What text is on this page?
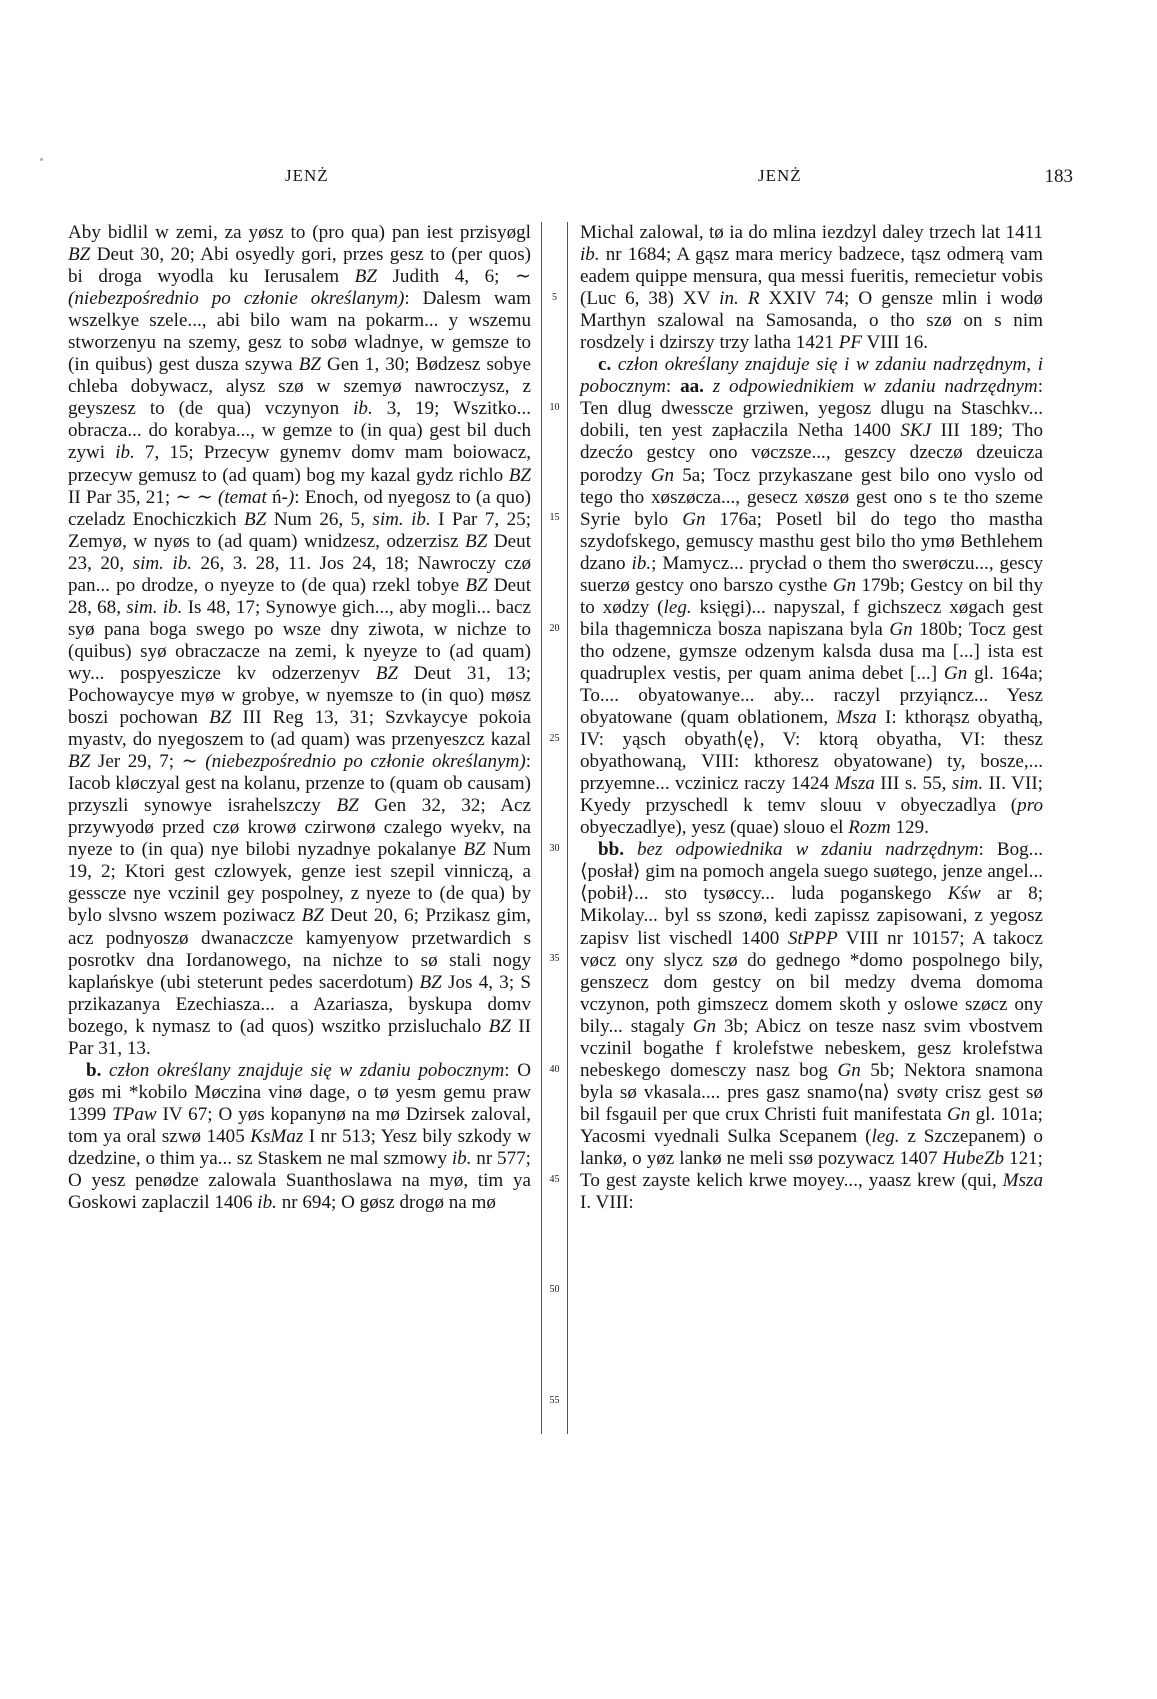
JENŻ	JENŻ	183
5
10
15
20
25
30
35
40
45
50
55

Aby bidlil w zemi, za yøsz to (pro qua) pan iest przisyøgl BZ Deut 30, 20; Abi osyedly gori, przes gesz to (per quos) bi droga wyodla ku Ierusalem BZ Judith 4, 6; ∼ (niebezpośrednio po członie określanym): Dalesm wam wszelkye szele..., abi bilo wam na pokarm... y wszemu stworzenyu na szemy, gesz to sobø wladnye, w gemsze to (in quibus) gest dusza szywa BZ Gen 1, 30; Bødzesz sobye chleba dobywacz, alysz szø w szemyø nawroczysz, z geyszesz to (de qua) vczynyon ib. 3, 19; Wszitko... obracza... do korabya..., w gemze to (in qua) gest bil duch zywi ib. 7, 15; Przecyw gynemv domv mam boiowacz, przecyw gemusz to (ad quam) bog my kazal gydz richlo BZ II Par 35, 21; ∼ ∼ (temat ń-): Enoch, od nyegosz to (a quo) czeladz Enochiczkich BZ Num 26, 5, sim. ib. I Par 7, 25; Zemyø, w nyøs to (ad quam) wnidzesz, odzerzisz BZ Deut 23, 20, sim. ib. 26, 3. 28, 11. Jos 24, 18; Nawroczy czø pan... po drodze, o nyeyze to (de qua) rzekl tobye BZ Deut 28, 68, sim. ib. Is 48, 17; Synowye gich..., aby mogli... bacz syø pana boga swego po wsze dny ziwota, w nichze to (quibus) syø obraczacze na zemi, k nyeyze to (ad quam) wy... pospyeszicze kv odzerzenyv BZ Deut 31, 13; Pochowaycye myø w grobye, w nyemsze to (in quo) møsz boszi pochowan BZ III Reg 13, 31; Szvkaycye pokoia myastv, do nyegoszem to (ad quam) was przenyeszcz kazal BZ Jer 29, 7; ∼ (niebezpośrednio po członie określanym): Iacob kløczyal gest na kolanu, przenze to (quam ob causam) przyszli synowye israhelszczy BZ Gen 32, 32; Acz przywyodø przed czø krowø czirwonø czalego wyekv, na nyeze to (in qua) nye bilobi nyzadnye pokalanye BZ Num 19, 2; Ktori gest czlowyek, genze iest szepil vinniczą, a gessсze nye vczinil gey pospolney, z nyeze to (de qua) by bylo slvsno wszem poziwacz BZ Deut 20, 6; Przikasz gim, acz podnyoszø dwanaczcze kamyenyow przetwardich s posrotkv dna Iordanowego, na nichze to sø stali nogy kaplańskye (ubi steterunt pedes sacerdotum) BZ Jos 4, 3; S przikazanya Ezechiasza... a Azariaszа, byskupa domv bozego, k nymasz to (ad quos) wszitko przisluchalo BZ II Par 31, 13.

b. człon określany znajduje się w zdaniu pobocznym: O gøs mi *kobilo Møczina vinø dage, o tø yesm gemu praw 1399 TPaw IV 67; O yøs kopanynø na mø Dzirsek zaloval, tom ya oral szwø 1405 KsMaz I nr 513; Yesz bily szkody w dzedzine, o thim ya... sz Staskem ne mal szmowy ib. nr 577; O yesz penødze zalowala Suanthoslawa na myø, tim ya Goskowi zaplaczil 1406 ib. nr 694; O gøsz drogø na mø

Michal zalowal, tø ia do mlina iezdzyl daley trzech lat 1411 ib. nr 1684; A gąsz mara mericy badzece, tąsz odmerą vam eadem quippe mensura, qua messi fueritis, remecietur vobis (Luc 6, 38) XV in. R XXIV 74; O gensze mlin i wodø Marthyn szalowal na Samosanda, o tho szø on s nim rosdzely i dzirszy trzy latha 1421 PF VIII 16.

c. człon określany znajduje się i w zdaniu nadrzędnym, i pobocznym: aa. z odpowiednikiem w zdaniu nadrzędnym: Ten dlug dwessсze grziwen, yegosz dlugu na Staschkv... dobili, ten yest zapłaczila Netha 1400 SKJ III 189; Tho dzecźo gestcy ono vøczsze..., geszcy dzeczø dzeuicza porodzy Gn 5a; Tocz przykaszane gest bilo ono vyslo od tego tho xøszøcza..., gesecz xøszø gest ono s te tho szeme Syrie bylo Gn 176a; Posetl bil do tego tho mastha szydofskego, gemuscy masthu gest bilo tho ymø Bethlehem dzano ib.; Mamycz... prycład o them tho swerøczu..., gescy suerzø gestcy ono barszo cysthe Gn 179b; Gestcy on bil thy to xødzy (leg. księgi)... napyszal, f gichszecz xøgach gest bila thagemnicza bosza napiszana byla Gn 180b; Tocz gest tho odzene, gymsze odzenym kalsda dusa ma [...] ista est quadruplex vestis, per quam anima debet [...] Gn gl. 164a; To.... obyatowanye... aby... raczyl przyiąncz... Yesz obyatowane (quam oblationem, Msza I: kthorąsz obyathą, IV: yąsch obyath⟨ę⟩, V: ktorą obyatha, VI: thesz obyathowaną, VIII: kthoresz obyatowane) ty, bosze,... przyemne... vczinicz raczy 1424 Msza III s. 55, sim. II. VII; Kyedy przyschedl k temv slouu v obyeczadlya (pro obyeczadlye), yesz (quae) slouo el Rozm 129.

bb. bez odpowiednika w zdaniu nadrzędnym: Bog... ⟨posłał⟩ gim na pomoch angela suego suøtego, jenze angel... ⟨pobił⟩... sto tysøccy... luda poganskego Kśw ar 8; Mikolay... byl ss szonø, kedi zapissz zapisowani, z yegosz zapisv list vischedl 1400 StPPP VIII nr 10157; A takocz vøcz ony slycz szø do gednego *domo pospolnego bily, genszecz dom gestcy on bil medzy dvema domoma vczynon, poth gimszecz domem skoth y oslowe szøcz ony bily... stagaly Gn 3b; Abicz on tesze nasz svim vbostvem vczinil bogathe f krolefstwe nebeskem, gesz krolefstwa nebeskego domesczy nasz bog Gn 5b; Nektora snamona byla sø vkasala.... pres gasz snamo⟨na⟩ svøty crisz gest sø bil fsgauil per que crux Christi fuit manifestata Gn gl. 101a; Yacosmi vyednali Sulka Scepanem (leg. z Szczepanem) o lankø, o yøz lankø ne meli ssø pozywacz 1407 HubeZb 121; To gest zayste kelich krwe moyey..., yaasz krew (qui, Msza I. VIII:
